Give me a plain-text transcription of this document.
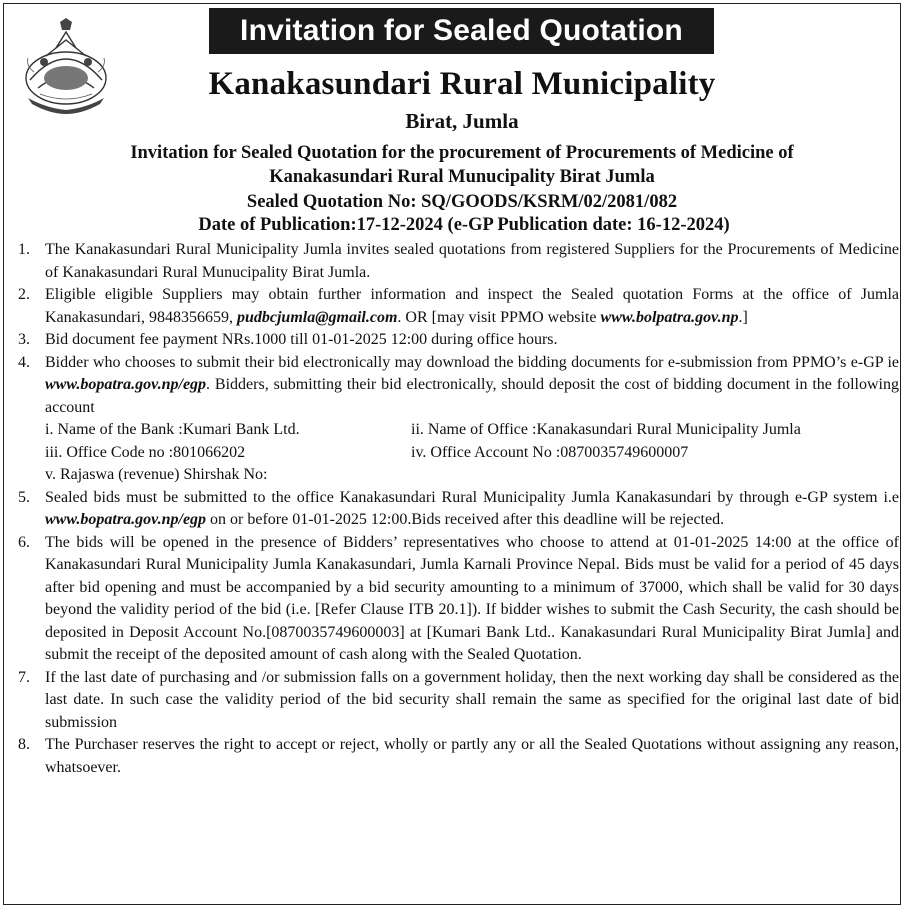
Invitation for Sealed Quotation
Kanakasundari Rural Municipality
Birat, Jumla
Invitation for Sealed Quotation for the procurement of Procurements of Medicine of
Kanakasundari Rural Munucipality Birat Jumla
Sealed Quotation No: SQ/GOODS/KSRM/02/2081/082
Date of Publication:17-12-2024 (e-GP Publication date: 16-12-2024)
1. The Kanakasundari Rural Municipality Jumla invites sealed quotations from registered Suppliers for the Procurements of Medicine of Kanakasundari Rural Munucipality Birat Jumla.
2. Eligible eligible Suppliers may obtain further information and inspect the Sealed quotation Forms at the office of Jumla Kanakasundari, 9848356659, pudbcjumla@gmail.com. OR [may visit PPMO website www.bolpatra.gov.np.]
3. Bid document fee payment NRs.1000 till 01-01-2025 12:00 during office hours.
4. Bidder who chooses to submit their bid electronically may download the bidding documents for e-submission from PPMO’s e-GP ie www.bopatra.gov.np/egp. Bidders, submitting their bid electronically, should deposit the cost of bidding document in the following account
i. Name of the Bank :Kumari Bank Ltd.	ii. Name of Office :Kanakasundari Rural Municipality Jumla
iii. Office Code no :801066202	iv. Office Account No :0870035749600007
v. Rajaswa (revenue) Shirshak No:
5. Sealed bids must be submitted to the office Kanakasundari Rural Municipality Jumla Kanakasundari by through e-GP system i.e www.bopatra.gov.np/egp on or before 01-01-2025 12:00.Bids received after this deadline will be rejected.
6. The bids will be opened in the presence of Bidders’ representatives who choose to attend at 01-01-2025 14:00 at the office of Kanakasundari Rural Municipality Jumla Kanakasundari, Jumla Karnali Province Nepal. Bids must be valid for a period of 45 days after bid opening and must be accompanied by a bid security amounting to a minimum of 37000, which shall be valid for 30 days beyond the validity period of the bid (i.e. [Refer Clause ITB 20.1]). If bidder wishes to submit the Cash Security, the cash should be deposited in Deposit Account No.[0870035749600003] at [Kumari Bank Ltd.. Kanakasundari Rural Municipality Birat Jumla] and submit the receipt of the deposited amount of cash along with the Sealed Quotation.
7. If the last date of purchasing and /or submission falls on a government holiday, then the next working day shall be considered as the last date. In such case the validity period of the bid security shall remain the same as specified for the original last date of bid submission
8. The Purchaser reserves the right to accept or reject, wholly or partly any or all the Sealed Quotations without assigning any reason, whatsoever.
